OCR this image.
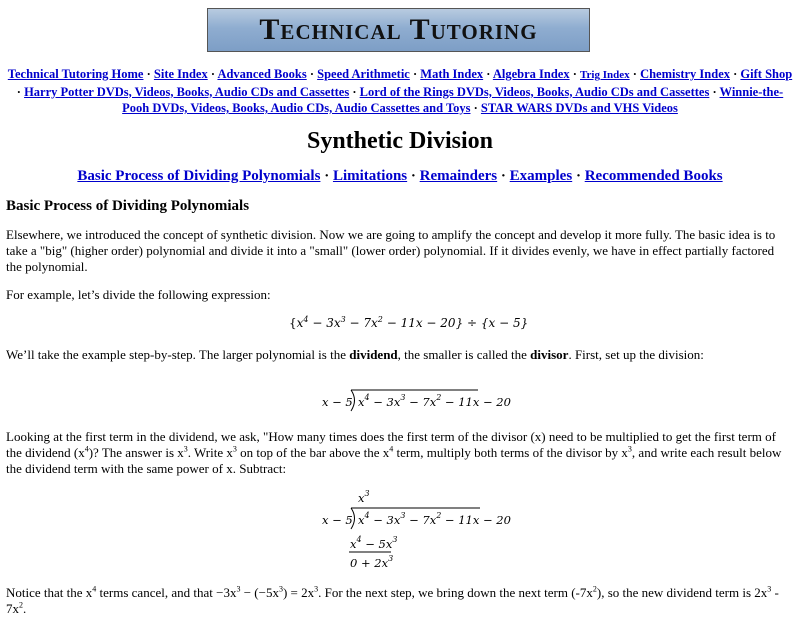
Technical Tutoring
Technical Tutoring Home · Site Index · Advanced Books · Speed Arithmetic · Math Index · Algebra Index · Trig Index · Chemistry Index · Gift Shop · Harry Potter DVDs, Videos, Books, Audio CDs and Cassettes · Lord of the Rings DVDs, Videos, Books, Audio CDs and Cassettes · Winnie-the-Pooh DVDs, Videos, Books, Audio CDs, Audio Cassettes and Toys · STAR WARS DVDs and VHS Videos
Synthetic Division
Basic Process of Dividing Polynomials · Limitations · Remainders · Examples · Recommended Books
Basic Process of Dividing Polynomials

Elsewhere, we introduced the concept of synthetic division. Now we are going to amplify the concept and develop it more fully. The basic idea is to take a "big" (higher order) polynomial and divide it into a "small" (lower order) polynomial. If it divides evenly, we have in effect partially factored the polynomial.

For example, let’s divide the following expression:

$\{x^4 - 3x^3 - 7x^2 - 11x - 20\} \div \{x - 5\}$

We’ll take the example step-by-step. The larger polynomial is the dividend, the smaller is called the divisor. First, set up the division:

x − 5 $x^4 - 3x^3 - 7x^2 - 11x - 20$

Looking at the first term in the dividend, we ask, "How many times does the first term of the divisor (x) need to be multiplied to get the first term of the dividend $(x^4)$? The answer is $x^3$. Write $x^3$ on top of the bar above the $x^4$ term, multiply both terms of the divisor by $x^3$, and write each result below the dividend term with the same power of x. Subtract:

$x^3$
x − 5 $x^4 - 3x^3 - 7x^2 - 11x - 20$
$x^4 - 5x^3$
$0 + 2x^3$

Notice that the $x^4$ terms cancel, and that $-3x^3 - (-5x^3) = 2x^3$. For the next step, we bring down the next term $(-7x^2)$, so the new dividend term is $2x^3 - 7x^2$.
